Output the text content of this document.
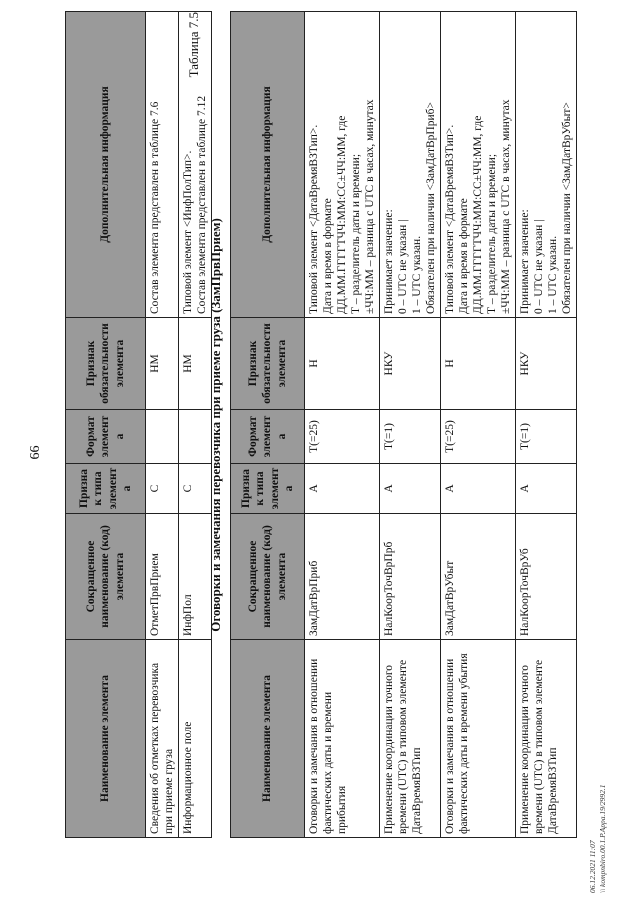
66
Наименование элемента	Сокращенное наименование (код) элемента	Признак типа элемента	Формат элемента	Признак обязательности элемента	Дополнительная информация
Сведения об отметках перевозчика при приеме груза	ОтметПрвПрием	С		НМ	Состав элемента представлен в таблице 7.6

Информационное поле	ИнфПол	С		НМ	Типовой элемент <ИнфПолТип>. Состав элемента представлен в таблице 7.12
Таблица 7.5
Оговорки и замечания перевозчика при приеме груза (ЗамПрвПрием)
Наименование элемента	Сокращенное наименование (код) элемента	Признак типа элемента	Формат элемента	Признак обязательности элемента	Дополнительная информация
Оговорки и замечания в отношении фактических даты и времени прибытия	ЗамДатВрПриб	А	T(=25)	Н	Типовой элемент <ДатаВремяВЗТип>. Дата и время в формате ДД.ММ.ГГГГТЧЧ:ММ:СС±ЧЧ:ММ, где Т – разделитель даты и времени; ±ЧЧ:ММ – разница с UTC в часах, минутах

Применение координации точного времени (UTC) в типовом элементе ДатаВремяВЗТип	НалКоорТочВрПрб	А	T(=1)	НКУ	Принимает значение: 0 – UTC не указан | 1 – UTC указан. Обязателен при наличии <ЗамДатВрПриб>

Оговорки и замечания в отношении фактических даты и времени убытия	ЗамДатВрУбыт	А	T(=25)	Н	Типовой элемент <ДатаВремяВЗТип>. Дата и время в формате ДД.ММ.ГГГГТЧЧ:ММ:СС±ЧЧ:ММ, где Т – разделитель даты и времени; ±ЧЧ:ММ – разница с UTC в часах, минутах

Применение координации точного времени (UTC) в типовом элементе ДатаВремяВЗТип	НалКоорТочВрУб	А	T(=1)	НКУ	Принимает значение: 0 – UTC не указан | 1 – UTC указан. Обязателен при наличии <ЗамДатВрУбыт>
06.12.2021 11:07 \\ kompnbiro.00.1.P.Appa.19/2992.1
